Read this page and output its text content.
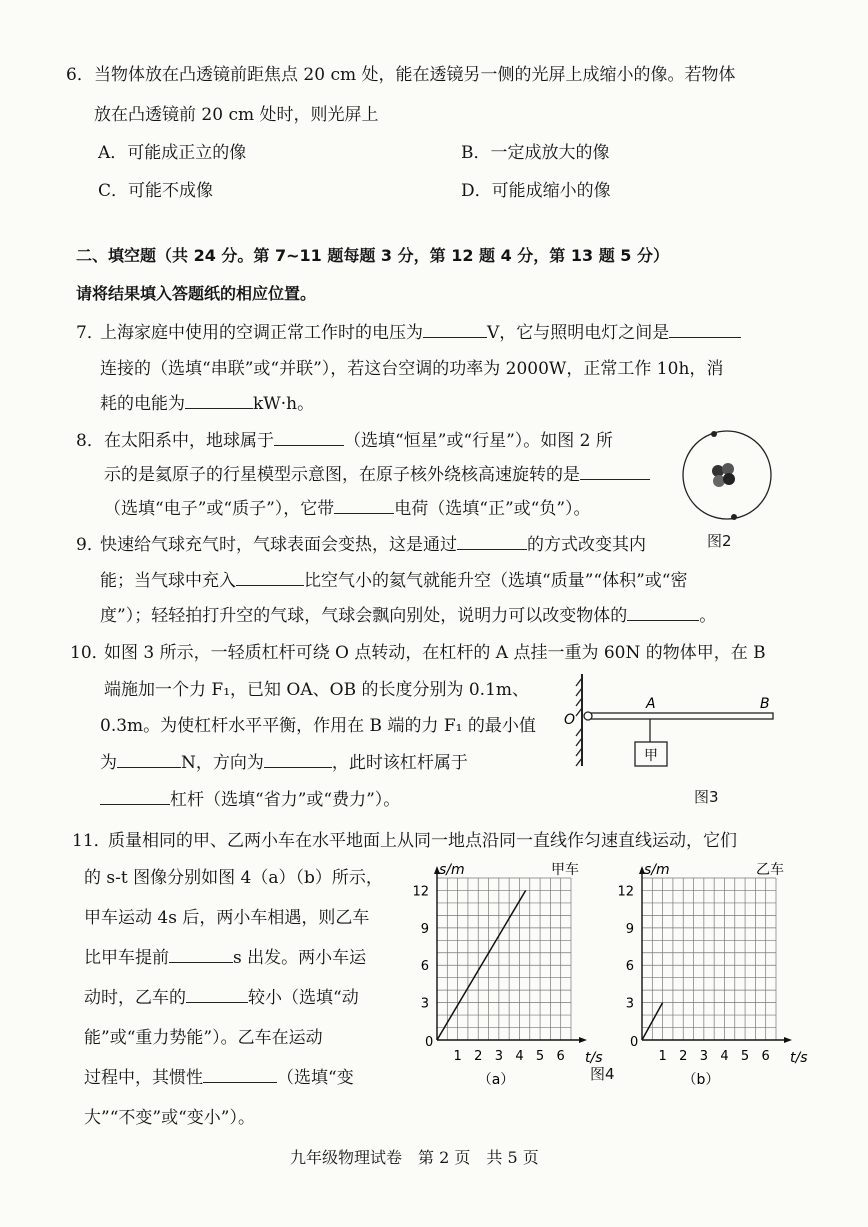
6． 当物体放在凸透镜前距焦点 20 cm 处，能在透镜另一侧的光屏上成缩小的像。若物体
放在凸透镜前 20 cm 处时，则光屏上
A．可能成正立的像	B．一定成放大的像
C．可能不成像	D．可能成缩小的像
二、填空题（共 24 分。第 7~11 题每题 3 分，第 12 题 4 分，第 13 题 5 分）
请将结果填入答题纸的相应位置。
7．
上海家庭中使用的空调正常工作时的电压为	V，它与照明电灯之间是
连接的（选填“串联”或“并联”），若这台空调的功率为 2000W，正常工作 10h，消
耗的电能为	kW·h。
8． 在太阳系中，地球属于	（选填“恒星”或“行星”）。如图 2 所
示的是氦原子的行星模型示意图，在原子核外绕核高速旋转的是
（选填“电子”或“质子”），它带	电荷（选填“正”或“负”）。
图2
9．
快速给气球充气时，气球表面会变热，这是通过	的方式改变其内
能；当气球中充入	比空气小的氦气就能升空（选填“质量”“体积”或“密
度”）；轻轻拍打升空的气球，气球会飘向别处，说明力可以改变物体的	。
10．
如图 3 所示，一轻质杠杆可绕 O 点转动，在杠杆的 A 点挂一重为 60N 的物体甲，在 B
端施加一个力 F₁，已知 OA、OB 的长度分别为 0.1m、
0.3m。为使杠杆水平平衡，作用在 B 端的力 F₁ 的最小值
为	N，方向为	，此时该杠杆属于
杠杆（选填“省力”或“费力”）。
甲
O
A	B
图3
11．
质量相同的甲、乙两小车在水平地面上从同一地点沿同一直线作匀速直线运动，它们
的 s-t 图像分别如图 4（a）（b）所示，
甲车运动 4s 后，两小车相遇，则乙车
比甲车提前	s 出发。两小车运
动时，乙车的	较小（选填“动
能”或“重力势能”）。乙车在运动
过程中，其惯性	（选填“变
大”“不变”或“变小”）。
0
1 2 3 4 5 6
3
6
9
12
s/m
t/s
甲车
（a）
0
1 2 3 4 5 6
3
6
9
12
s/m
t/s
乙车
（b）
图4
九年级物理试卷　第 2 页　共 5 页
